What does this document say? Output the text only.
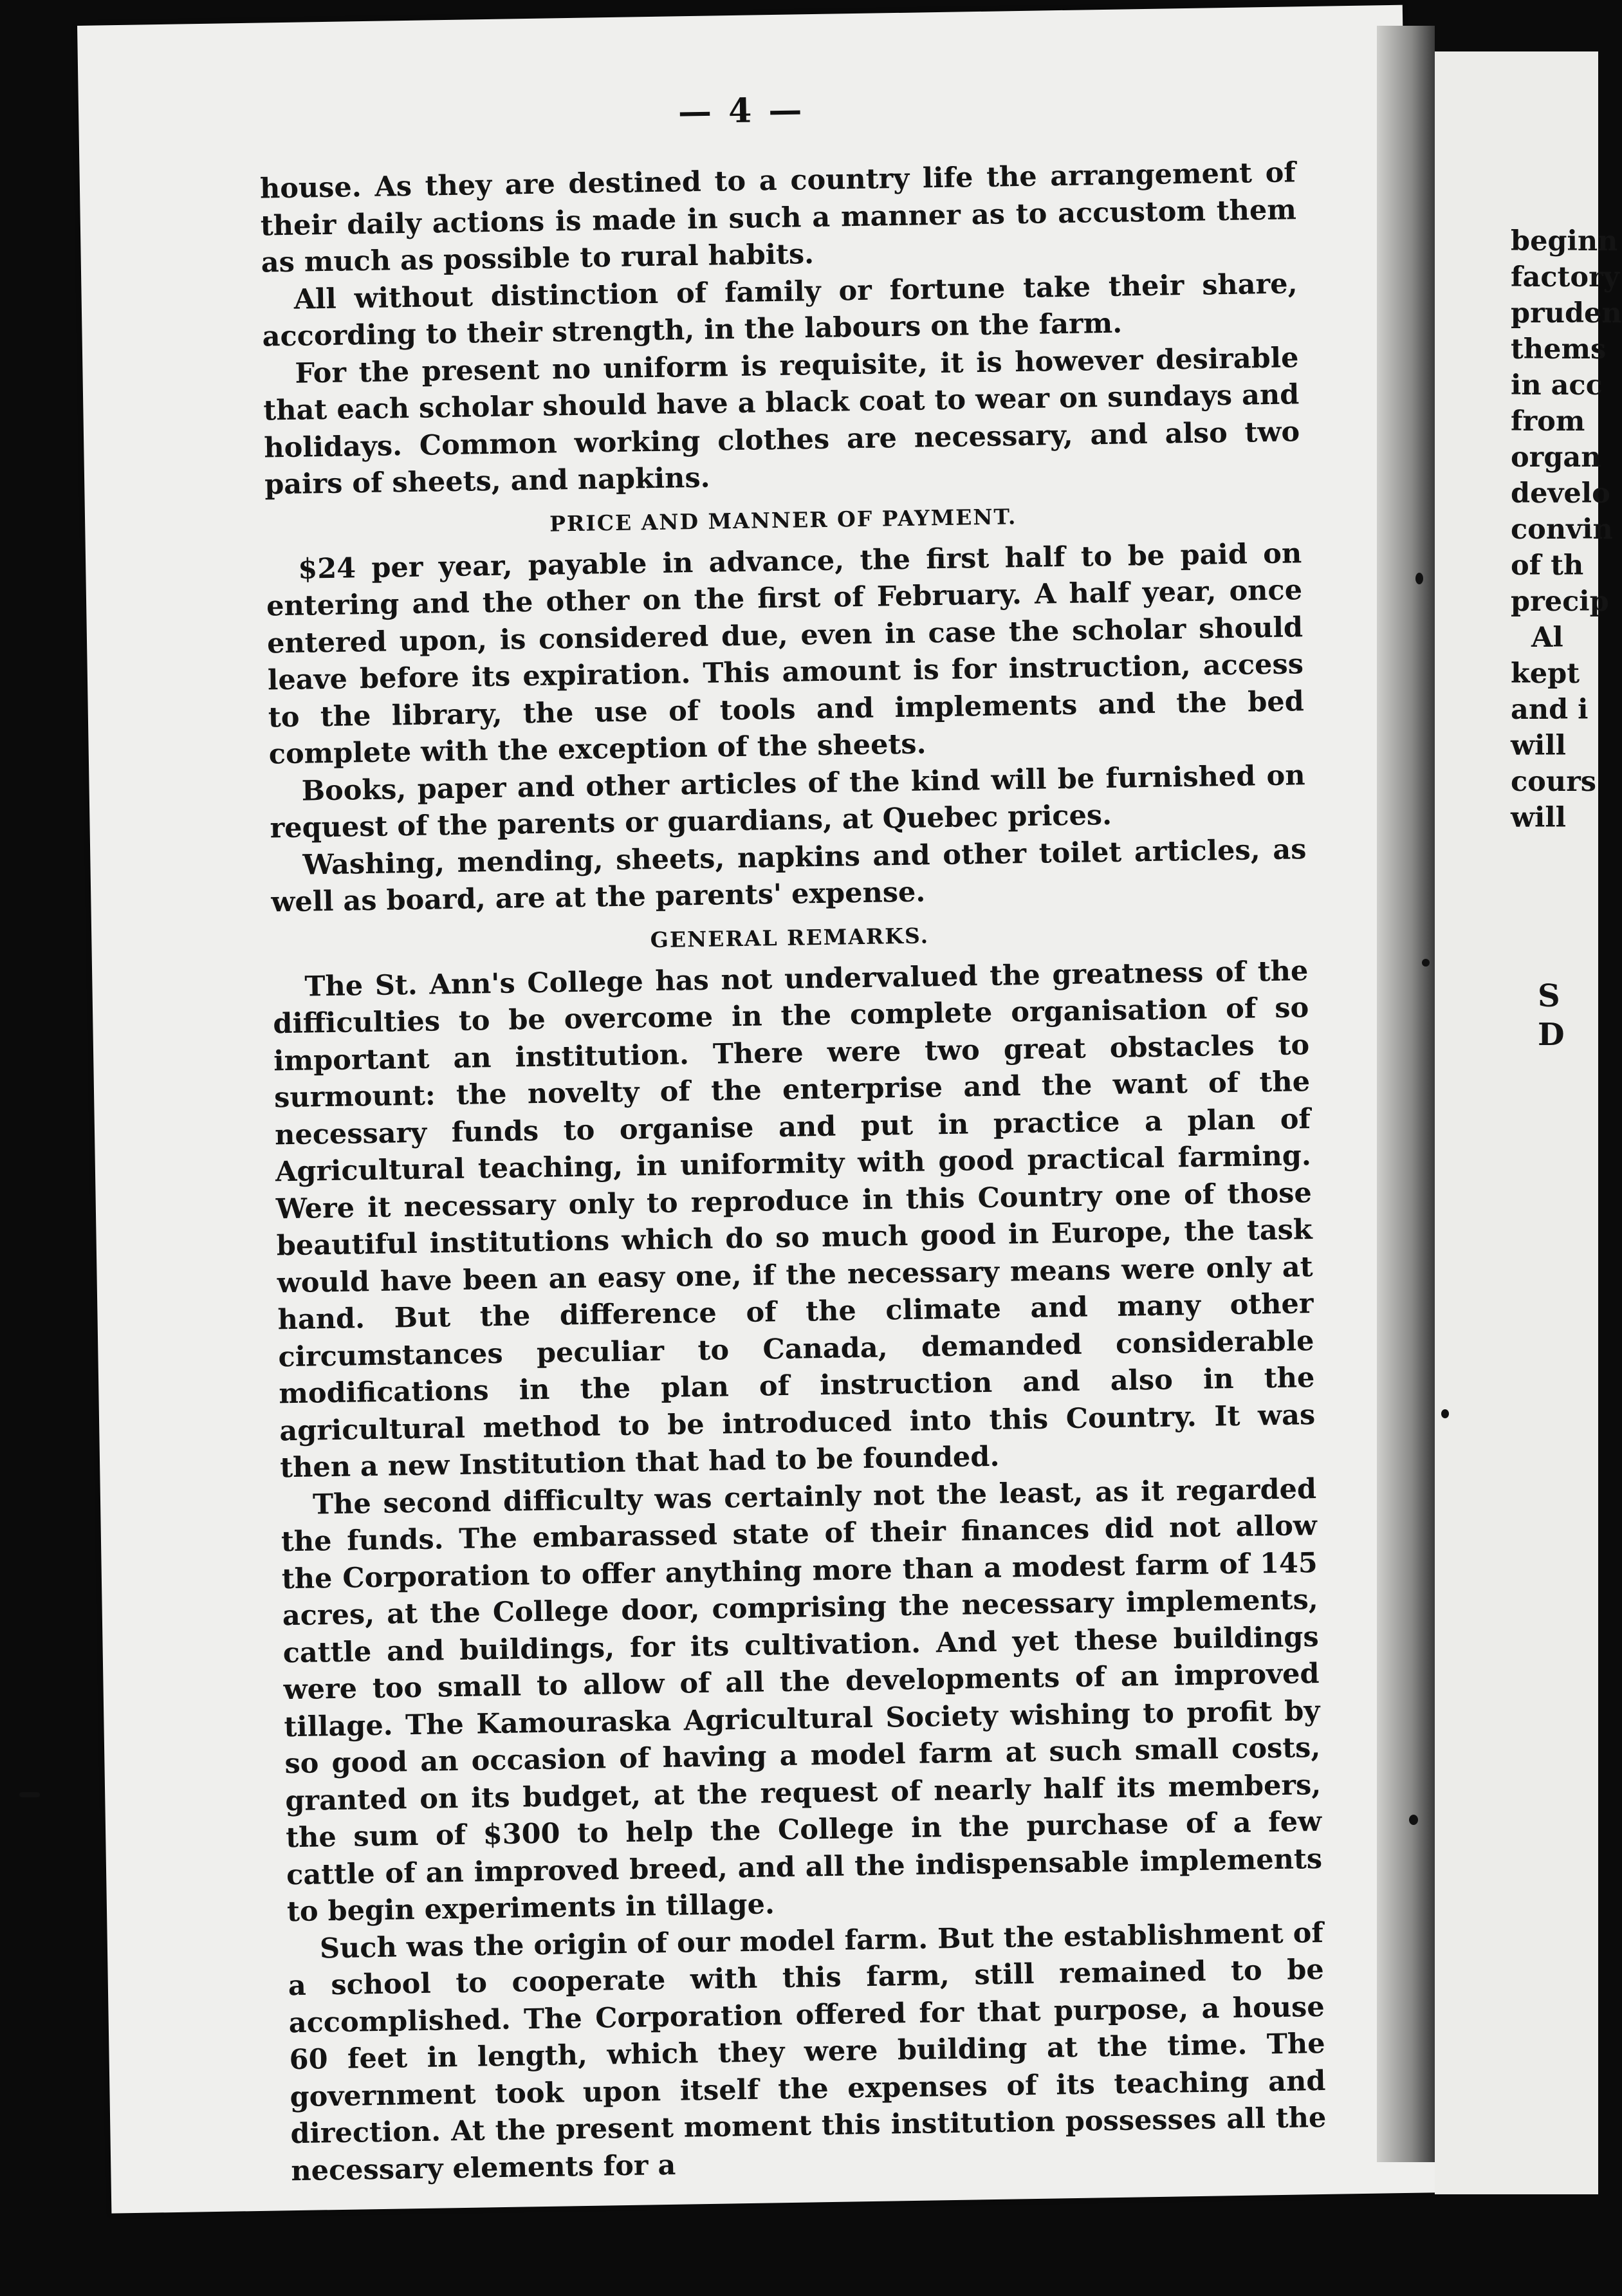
— 4 —

house. As they are destined to a country life the arrangement of their daily actions is made in such a manner as to accustom them as much as possible to rural habits.

All without distinction of family or fortune take their share, according to their strength, in the labours on the farm.

For the present no uniform is requisite, it is however desirable that each scholar should have a black coat to wear on sundays and holidays. Common working clothes are necessary, and also two pairs of sheets, and napkins.

PRICE AND MANNER OF PAYMENT.

$24 per year, payable in advance, the first half to be paid on entering and the other on the first of February. A half year, once entered upon, is considered due, even in case the scholar should leave before its expiration. This amount is for instruction, access to the library, the use of tools and implements and the bed complete with the exception of the sheets.

Books, paper and other articles of the kind will be furnished on request of the parents or guardians, at Quebec prices.

Washing, mending, sheets, napkins and other toilet articles, as well as board, are at the parents' expense.

GENERAL REMARKS.

The St. Ann's College has not undervalued the greatness of the difficulties to be overcome in the complete organisation of so important an institution. There were two great obstacles to surmount: the novelty of the enterprise and the want of the necessary funds to organise and put in practice a plan of Agricultural teaching, in uniformity with good practical farming. Were it necessary only to reproduce in this Country one of those beautiful institutions which do so much good in Europe, the task would have been an easy one, if the necessary means were only at hand. But the difference of the climate and many other circumstances peculiar to Canada, demanded considerable modifications in the plan of instruction and also in the agricultural method to be introduced into this Country. It was then a new Institution that had to be founded.

The second difficulty was certainly not the least, as it regarded the funds. The embarassed state of their finances did not allow the Corporation to offer anything more than a modest farm of 145 acres, at the College door, comprising the necessary implements, cattle and buildings, for its cultivation. And yet these buildings were too small to allow of all the developments of an improved tillage. The Kamouraska Agricultural Society wishing to profit by so good an occasion of having a model farm at such small costs, granted on its budget, at the request of nearly half its members, the sum of $300 to help the College in the purchase of a few cattle of an improved breed, and all the indispensable implements to begin experiments in tillage.

Such was the origin of our model farm. But the establishment of a school to cooperate with this farm, still remained to be accomplished. The Corporation offered for that purpose, a house 60 feet in length, which they were building at the time. The government took upon itself the expenses of its teaching and direction. At the present moment this institution possesses all the necessary elements for a

beginn
factory
pruden
thems
in acc
from
organ
develo
convin
of th
precip
Al
kept
and i
will
cours
will
S
D
